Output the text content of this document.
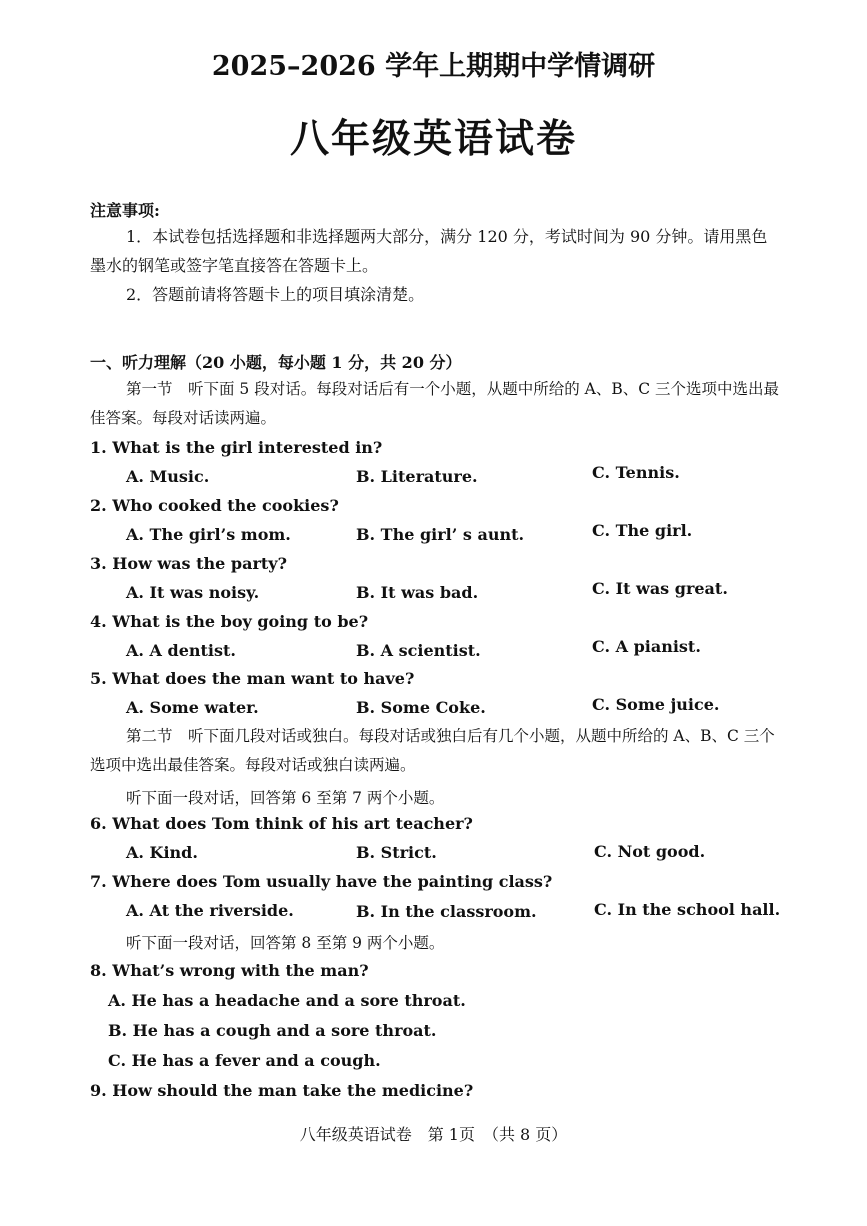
2025–2026 学年上期期中学情调研
八年级英语试卷
注意事项:
1．本试卷包括选择题和非选择题两大部分，满分 120 分，考试时间为 90 分钟。请用黑色墨水的钢笔或签字笔直接答在答题卡上。
2．答题前请将答题卡上的项目填涂清楚。
一、听力理解（20 小题，每小题 1 分，共 20 分）
第一节　听下面 5 段对话。每段对话后有一个小题，从题中所给的 A、B、C 三个选项中选出最佳答案。每段对话读两遍。
1. What is the girl interested in?
A. Music.	B. Literature.	C. Tennis.
2. Who cooked the cookies?
A. The girl’s mom.	B. The girl’ s aunt.	C. The girl.
3. How was the party?
A. It was noisy.	B. It was bad.	C. It was great.
4. What is the boy going to be?
A. A dentist.	B. A scientist.	C. A pianist.
5. What does the man want to have?
A. Some water.	B. Some Coke.	C. Some juice.
第二节　听下面几段对话或独白。每段对话或独白后有几个小题，从题中所给的 A、B、C 三个选项中选出最佳答案。每段对话或独白读两遍。
听下面一段对话，回答第 6 至第 7 两个小题。
6. What does Tom think of his art teacher?
A. Kind.	B. Strict.	C. Not good.
7. Where does Tom usually have the painting class?
A. At the riverside.	B. In the classroom.	C. In the school hall.
听下面一段对话，回答第 8 至第 9 两个小题。
8. What’s wrong with the man?
A. He has a headache and a sore throat.
B. He has a cough and a sore throat.
C. He has a fever and a cough.
9. How should the man take the medicine?
八年级英语试卷　第 1页　（共 8 页）
